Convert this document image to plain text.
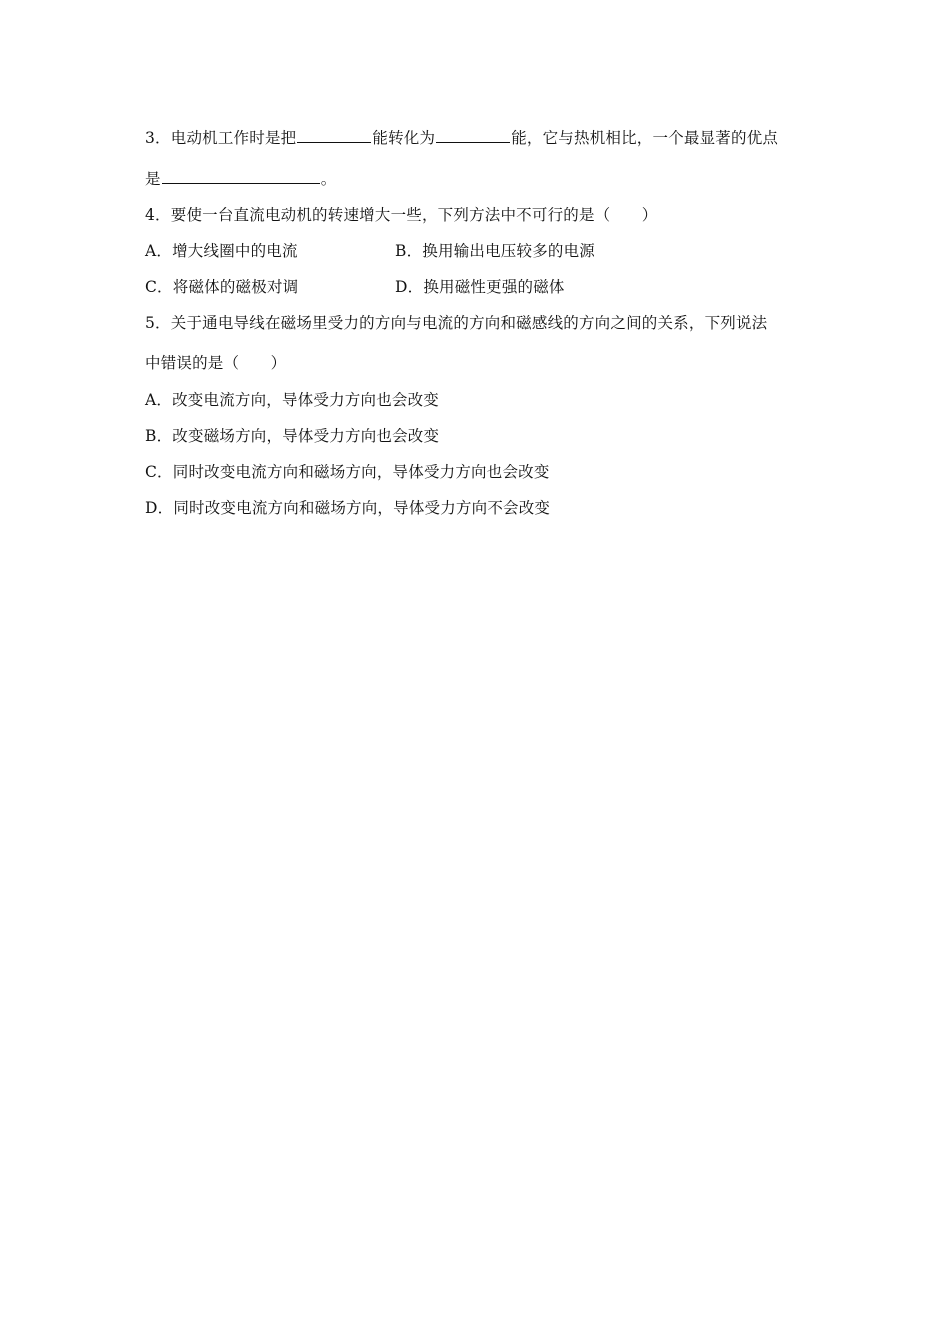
3．电动机工作时是把	能转化为	能，它与热机相比，一个最显著的优点
是	。
4．要使一台直流电动机的转速增大一些，下列方法中不可行的是（　　）
A．增大线圈中的电流	B．换用输出电压较多的电源
C．将磁体的磁极对调	D．换用磁性更强的磁体
5．关于通电导线在磁场里受力的方向与电流的方向和磁感线的方向之间的关系，下列说法
中错误的是（　　）
A．改变电流方向，导体受力方向也会改变
B．改变磁场方向，导体受力方向也会改变
C．同时改变电流方向和磁场方向，导体受力方向也会改变
D．同时改变电流方向和磁场方向，导体受力方向不会改变
